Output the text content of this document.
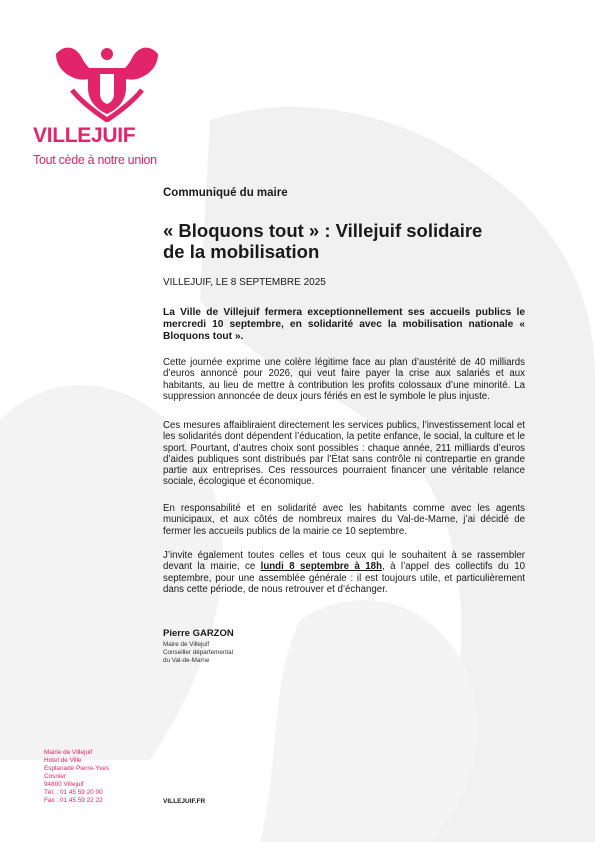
VILLEJUIF
Tout cède à notre union
Communiqué du maire
« Bloquons tout » : Villejuif solidaire
de la mobilisation
VILLEJUIF, LE 8 SEPTEMBRE 2025
La Ville de Villejuif fermera exceptionnellement ses accueils publics le mercredi 10 septembre, en solidarité avec la mobilisation nationale « Bloquons tout ».
Cette journée exprime une colère légitime face au plan d’austérité de 40 milliards d’euros annoncé pour 2026, qui veut faire payer la crise aux salariés et aux habitants, au lieu de mettre à contribution les profits colossaux d’une minorité. La suppression annoncée de deux jours fériés en est le symbole le plus injuste.
Ces mesures affaibliraient directement les services publics, l’investissement local et les solidarités dont dépendent l’éducation, la petite enfance, le social, la culture et le sport. Pourtant, d’autres choix sont possibles : chaque année, 211 milliards d’euros d’aides publiques sont distribués par l’État sans contrôle ni contrepartie en grande partie aux entreprises. Ces ressources pourraient financer une véritable relance sociale, écologique et économique.
En responsabilité et en solidarité avec les habitants comme avec les agents municipaux, et aux côtés de nombreux maires du Val-de-Marne, j’ai décidé de fermer les accueils publics de la mairie ce 10 septembre.
J’invite également toutes celles et tous ceux qui le souhaitent à se rassembler devant la mairie, ce lundi 8 septembre à 18h, à l’appel des collectifs du 10 septembre, pour une assemblée générale : il est toujours utile, et particulièrement dans cette période, de nous retrouver et d’échanger.
Pierre GARZON
Maire de Villejuif
Conseiller départemental
du Val-de-Marne
Mairie de Villejuif
Hotel de Ville
Esplanade Pierre-Yves
Cosnier
94800 Villejuif
Tél. : 01 45 59 20 00
Fax : 01 45 59 22 22	VILLEJUIF.FR
